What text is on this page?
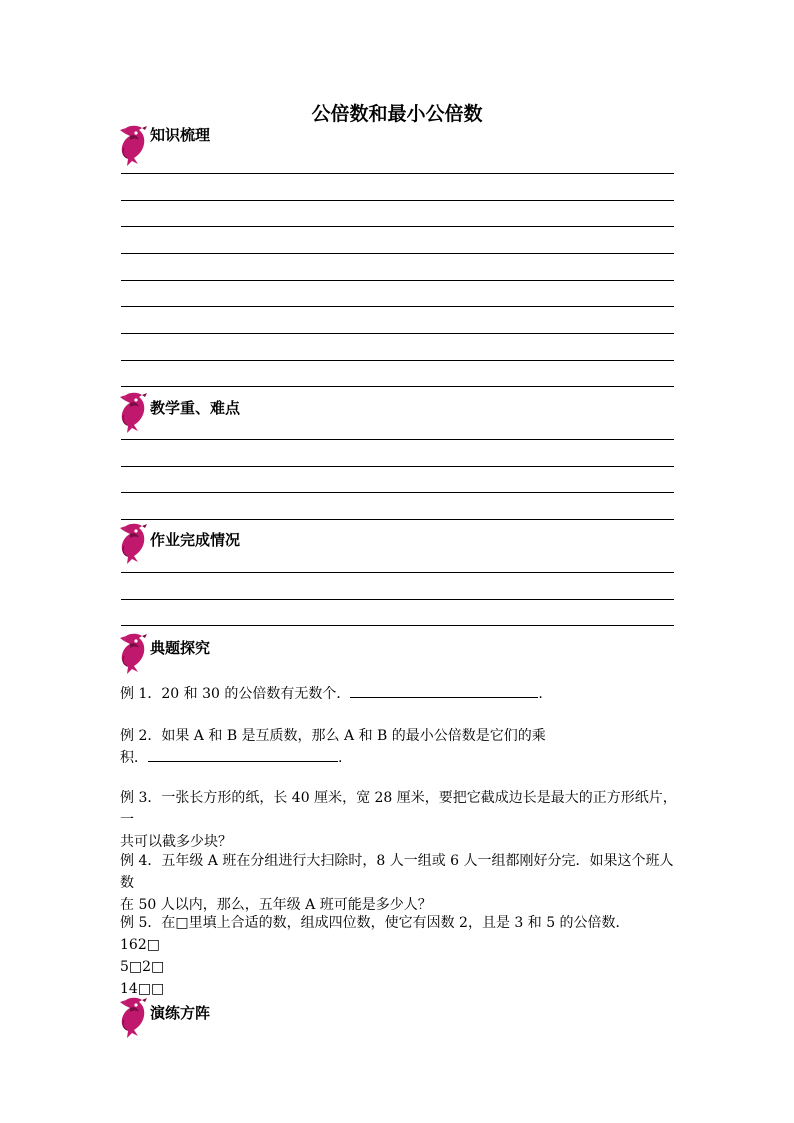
公倍数和最小公倍数
知识梳理
教学重、难点
作业完成情况
典题探究
例 1．20 和 30 的公倍数有无数个．	.
例 2．如果 A 和 B 是互质数，那么 A 和 B 的最小公倍数是它们的乘
积．	.
例 3．一张长方形的纸，长 40 厘米，宽 28 厘米，要把它截成边长是最大的正方形纸片，一
共可以截多少块？
例 4．五年级 A 班在分组进行大扫除时，8 人一组或 6 人一组都刚好分完．如果这个班人数
在 50 人以内，那么，五年级 A 班可能是多少人？
例 5．在□里填上合适的数，组成四位数，使它有因数 2，且是 3 和 5 的公倍数．
162□
5□2□
14□□
演练方阵
